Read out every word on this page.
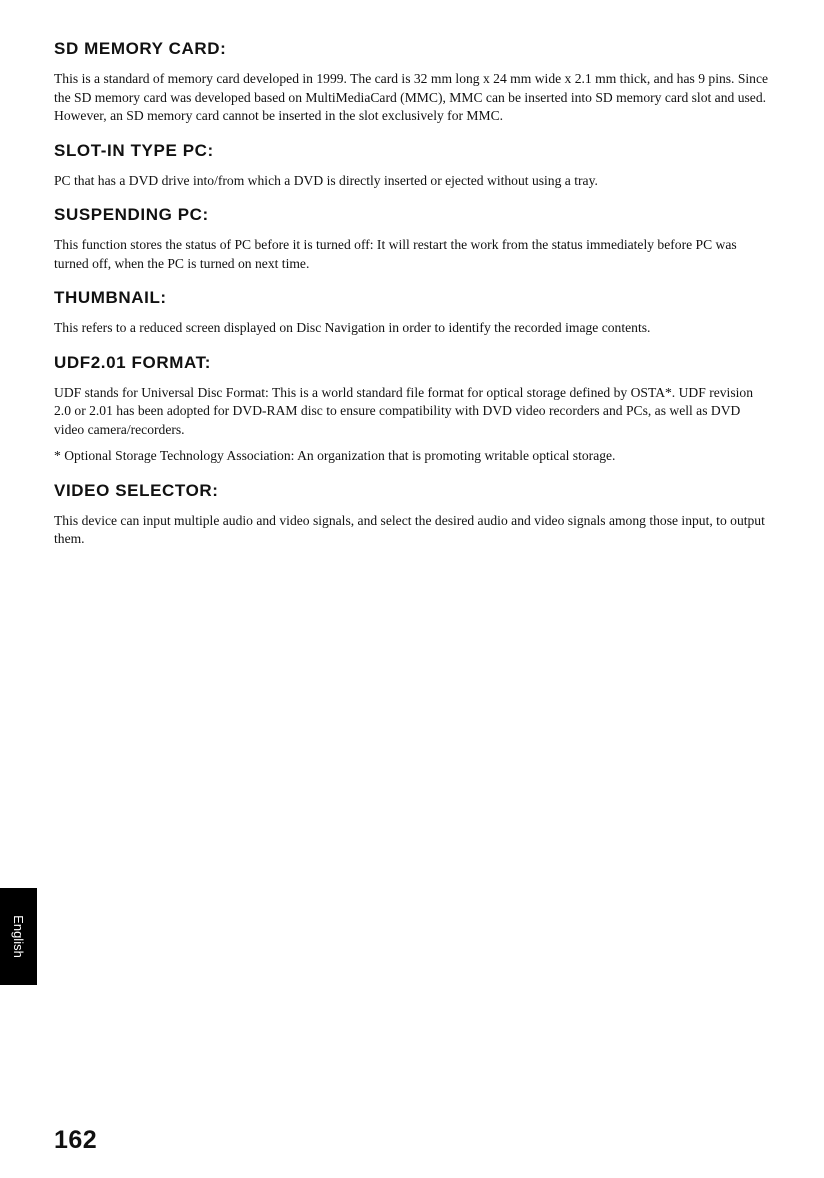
SD MEMORY CARD:

This is a standard of memory card developed in 1999. The card is 32 mm long x 24 mm wide x 2.1 mm thick, and has 9 pins. Since the SD memory card was developed based on MultiMediaCard (MMC), MMC can be inserted into SD memory card slot and used. However, an SD memory card cannot be inserted in the slot exclusively for MMC.

SLOT-IN TYPE PC:

PC that has a DVD drive into/from which a DVD is directly inserted or ejected without using a tray.

SUSPENDING PC:

This function stores the status of PC before it is turned off: It will restart the work from the status immediately before PC was turned off, when the PC is turned on next time.

THUMBNAIL:

This refers to a reduced screen displayed on Disc Navigation in order to identify the recorded image contents.

UDF2.01 FORMAT:

UDF stands for Universal Disc Format: This is a world standard file format for optical storage defined by OSTA*. UDF revision 2.0 or 2.01 has been adopted for DVD-RAM disc to ensure compatibility with DVD video recorders and PCs, as well as DVD video camera/recorders.

* Optional Storage Technology Association: An organization that is promoting writable optical storage.

VIDEO SELECTOR:

This device can input multiple audio and video signals, and select the desired audio and video signals among those input, to output them.

English
162
